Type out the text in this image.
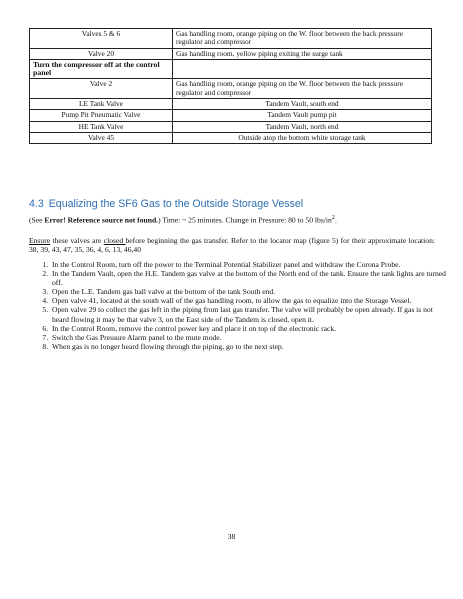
Valves 5 & 6	Gas handling room, orange piping on the W. floor between the back pressure regulator and compressor
Valve 20	Gas handling room, yellow piping exiting the surge tank
Turn the compressor off at the control panel	
Valve 2	Gas handling room, orange piping on the W. floor between the back pressure regulator and compressor
LE Tank Valve	Tandem Vault, south end
Pump Pit Pneumatic Valve	Tandem Vault pump pit
HE Tank Valve	Tandem Vault, north end
Valve 45	Outside atop the bottom white storage tank
4.3 Equalizing the SF6 Gas to the Outside Storage Vessel
(See Error! Reference source not found.) Time: ~ 25 minutes. Change in Pressure: 80 to 50 lbs/$in^2$.
Ensure these valves are closed before beginning the gas transfer. Refer to the locator map (figure 5) for their approximate location: 38, 39, 43, 47, 35, 36, 4, 6, 13, 46,40
1. In the Control Room, turn off the power to the Terminal Potential Stabilizer panel and withdraw the Corona Probe.
2. In the Tandem Vault, open the H.E. Tandem gas valve at the bottom of the North end of the tank. Ensure the tank lights are turned off.
3. Open the L.E. Tandem gas ball valve at the bottom of the tank South end.
4. Open valve 41, located at the south wall of the gas handling room, to allow the gas to equalize into the Storage Vessel.
5. Open valve 29 to collect the gas left in the piping from last gas transfer. The valve will probably be open already. If gas is not heard flowing it may be that valve 3, on the East side of the Tandem is closed, open it.
6. In the Control Room, remove the control power key and place it on top of the electronic rack.
7. Switch the Gas Pressure Alarm panel to the mute mode.
8. When gas is no longer heard flowing through the piping, go to the next step.
38
